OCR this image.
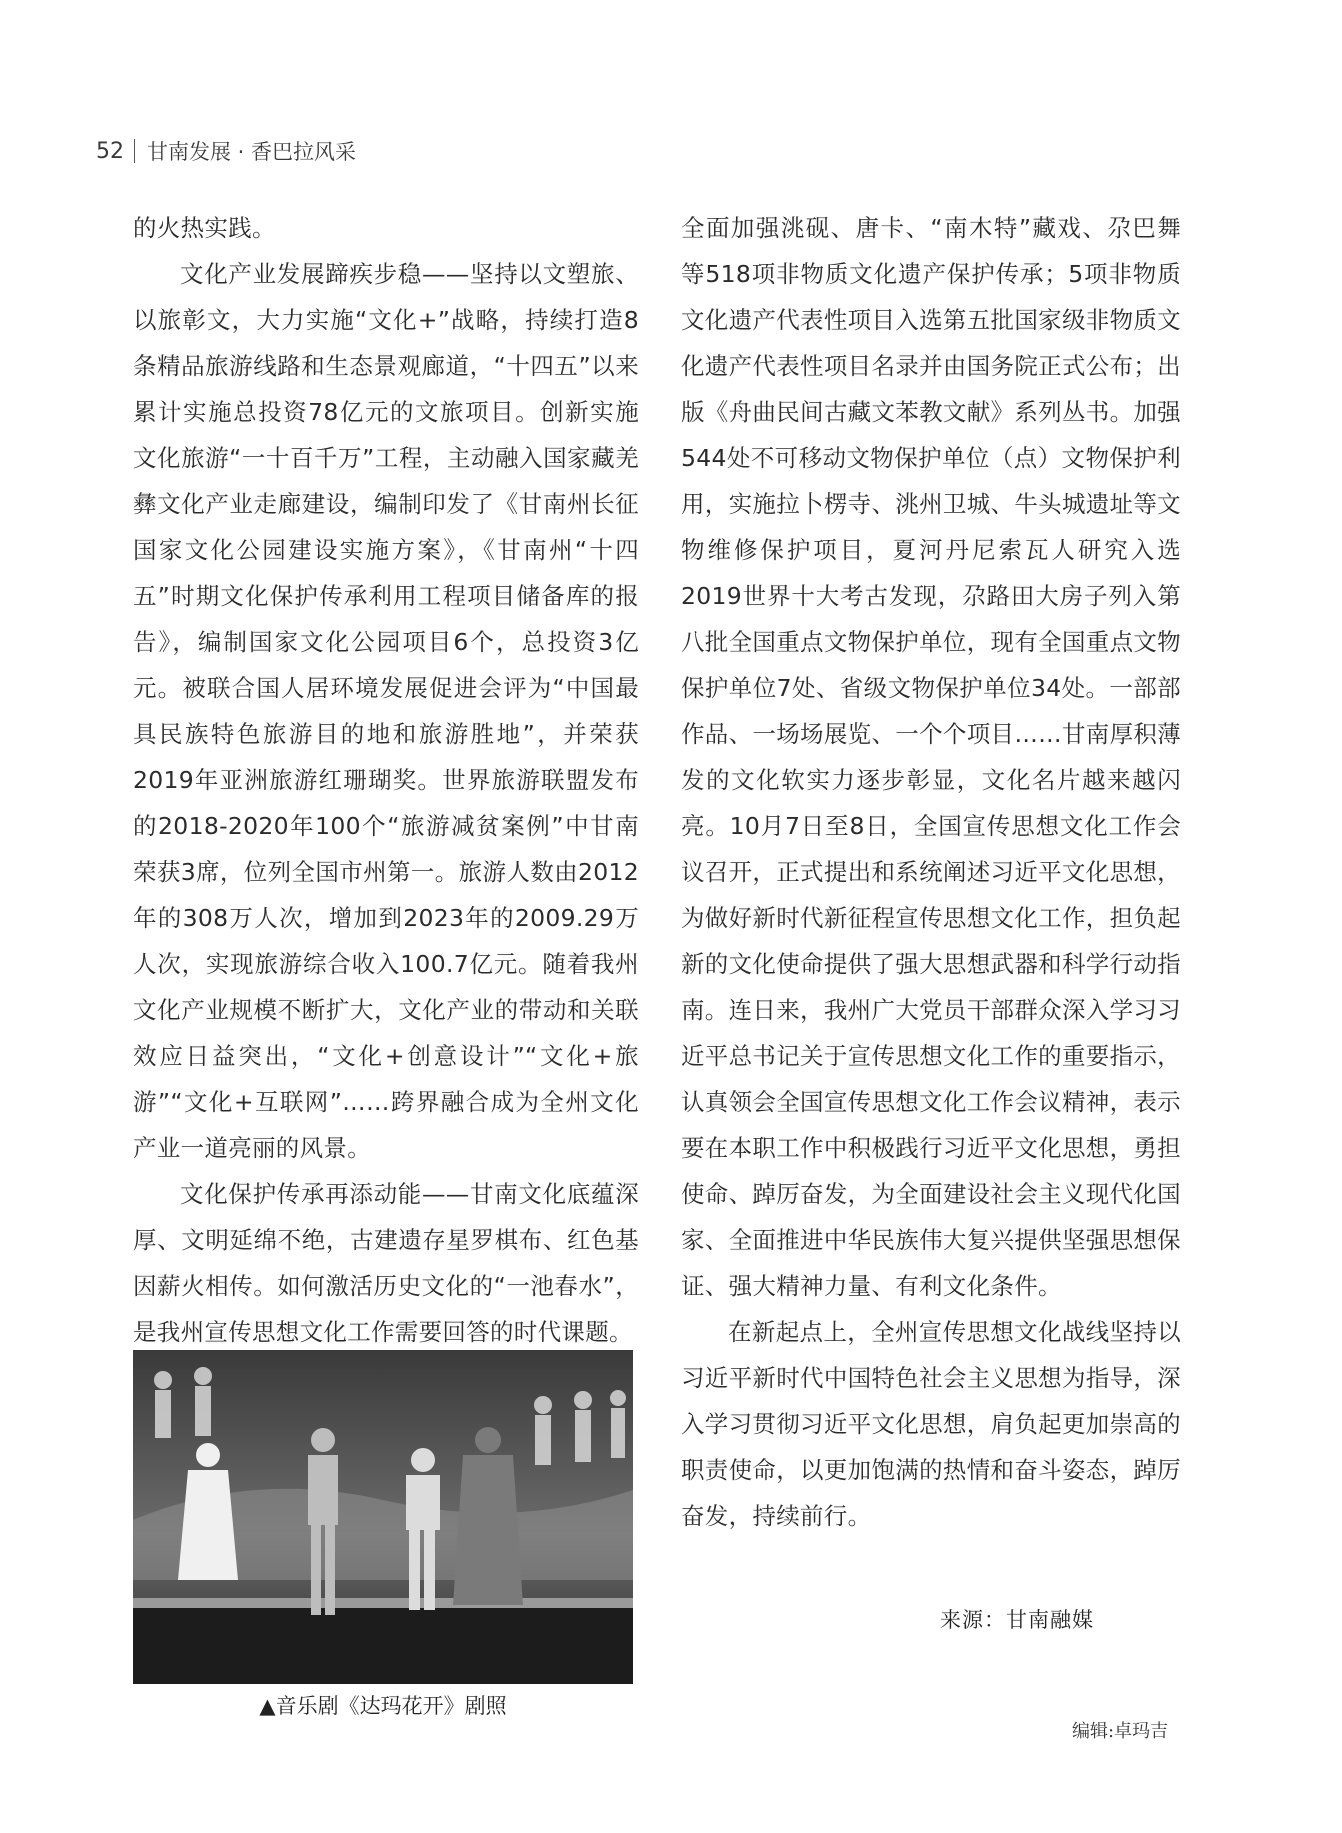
52 甘南发展 · 香巴拉风采

的火热实践。

文化产业发展蹄疾步稳——坚持以文塑旅、以旅彰文，大力实施“文化+”战略，持续打造8条精品旅游线路和生态景观廊道，“十四五”以来累计实施总投资78亿元的文旅项目。创新实施文化旅游“一十百千万”工程，主动融入国家藏羌彝文化产业走廊建设，编制印发了《甘南州长征国家文化公园建设实施方案》，《甘南州“十四五”时期文化保护传承利用工程项目储备库的报告》，编制国家文化公园项目6个，总投资3亿元。被联合国人居环境发展促进会评为“中国最具民族特色旅游目的地和旅游胜地”，并荣获2019年亚洲旅游红珊瑚奖。世界旅游联盟发布的2018-2020年100个“旅游减贫案例”中甘南荣获3席，位列全国市州第一。旅游人数由2012年的308万人次，增加到2023年的2009.29万人次，实现旅游综合收入100.7亿元。随着我州文化产业规模不断扩大，文化产业的带动和关联效应日益突出，“文化+创意设计”“文化+旅游”“文化+互联网”……跨界融合成为全州文化产业一道亮丽的风景。

文化保护传承再添动能——甘南文化底蕴深厚、文明延绵不绝，古建遗存星罗棋布、红色基因薪火相传。如何激活历史文化的“一池春水”，是我州宣传思想文化工作需要回答的时代课题。

▲音乐剧《达玛花开》剧照

全面加强洮砚、唐卡、“南木特”藏戏、尕巴舞等518项非物质文化遗产保护传承；5项非物质文化遗产代表性项目入选第五批国家级非物质文化遗产代表性项目名录并由国务院正式公布；出版《舟曲民间古藏文苯教文献》系列丛书。加强544处不可移动文物保护单位（点）文物保护利用，实施拉卜楞寺、洮州卫城、牛头城遗址等文物维修保护项目，夏河丹尼索瓦人研究入选2019世界十大考古发现，尕路田大房子列入第八批全国重点文物保护单位，现有全国重点文物保护单位7处、省级文物保护单位34处。一部部作品、一场场展览、一个个项目……甘南厚积薄发的文化软实力逐步彰显，文化名片越来越闪亮。10月7日至8日，全国宣传思想文化工作会议召开，正式提出和系统阐述习近平文化思想，为做好新时代新征程宣传思想文化工作，担负起新的文化使命提供了强大思想武器和科学行动指南。连日来，我州广大党员干部群众深入学习习近平总书记关于宣传思想文化工作的重要指示，认真领会全国宣传思想文化工作会议精神，表示要在本职工作中积极践行习近平文化思想，勇担使命、踔厉奋发，为全面建设社会主义现代化国家、全面推进中华民族伟大复兴提供坚强思想保证、强大精神力量、有利文化条件。

在新起点上，全州宣传思想文化战线坚持以习近平新时代中国特色社会主义思想为指导，深入学习贯彻习近平文化思想，肩负起更加崇高的职责使命，以更加饱满的热情和奋斗姿态，踔厉奋发，持续前行。

来源：甘南融媒
编辑:卓玛吉
